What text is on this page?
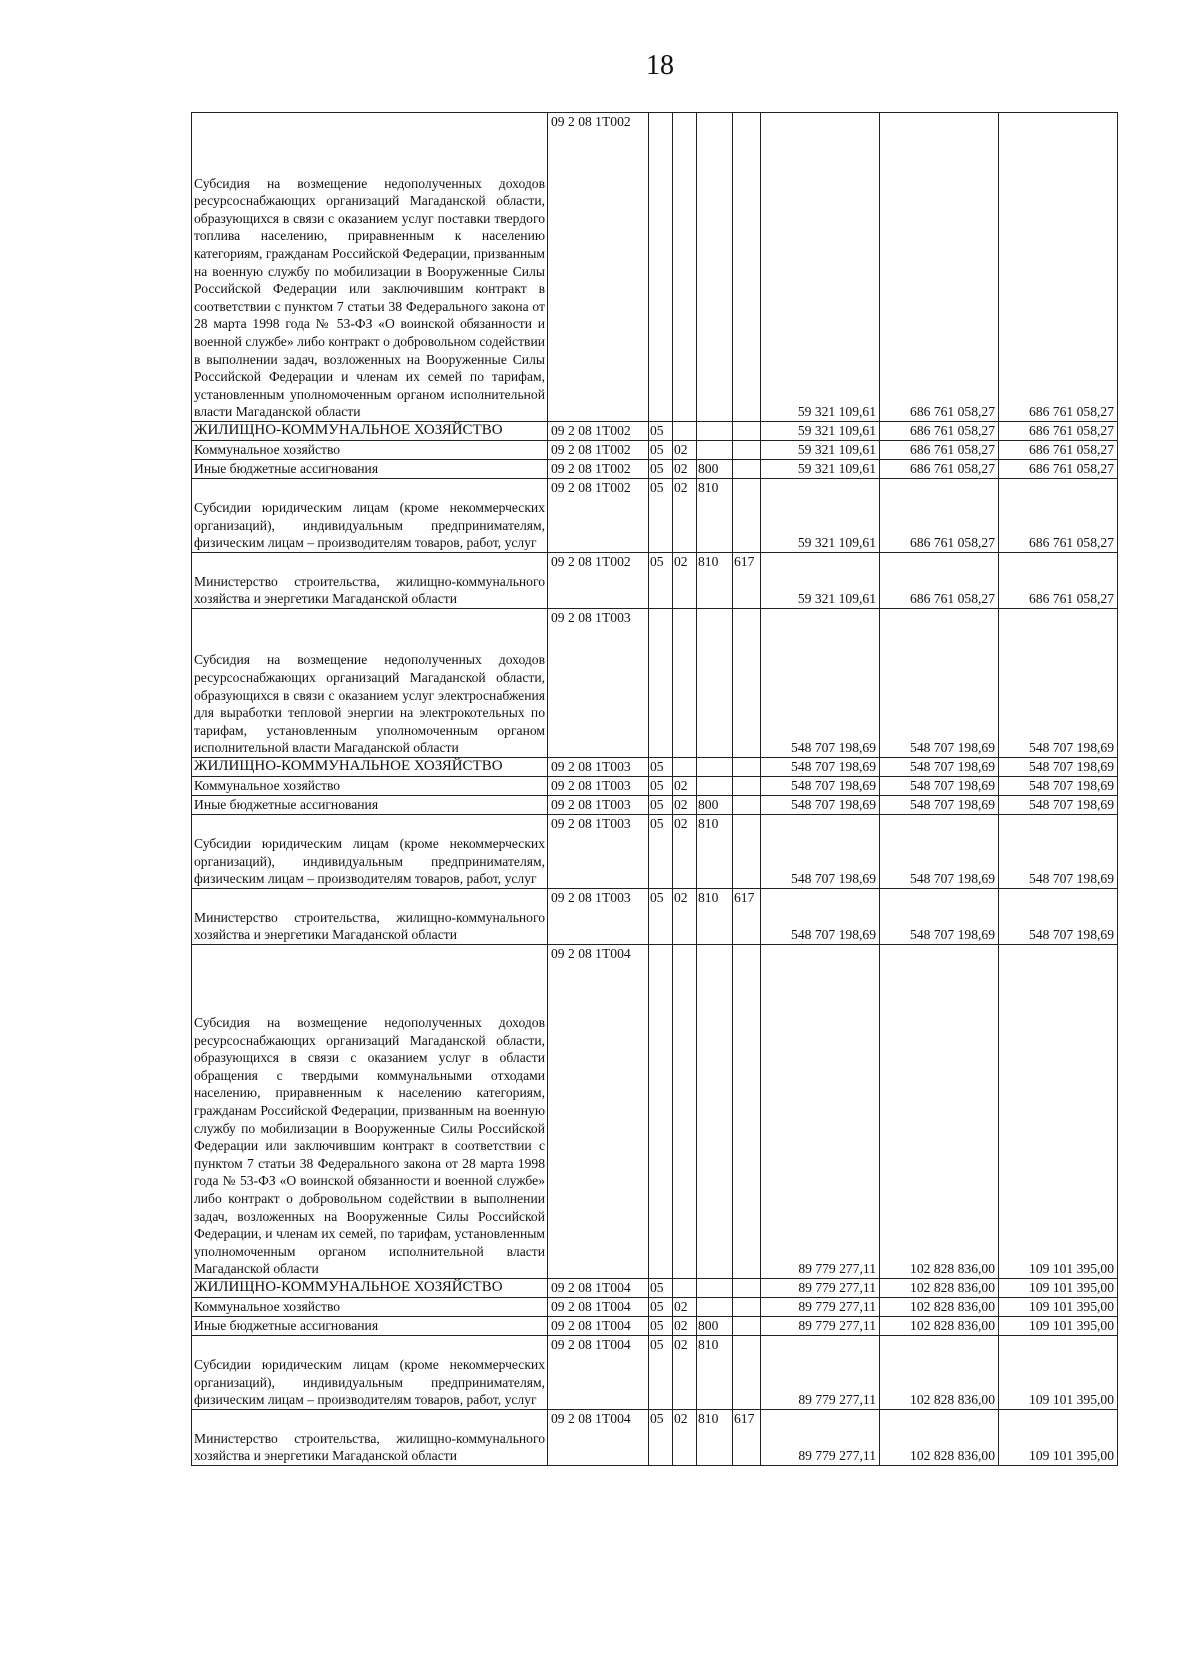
18
Субсидия на возмещение недополученных доходов ресурсоснабжающих организаций Магаданской области, образующихся в связи с оказанием услуг поставки твердого топлива населению, приравненным к населению категориям, гражданам Российской Федерации, призванным на военную службу по мобилизации в Вооруженные Силы Российской Федерации или заключившим контракт в соответствии с пунктом 7 статьи 38 Федерального закона от 28 марта 1998 года № 53-ФЗ «О воинской обязанности и военной службе» либо контракт о добровольном содействии в выполнении задач, возложенных на Вооруженные Силы Российской Федерации и членам их семей по тарифам, установленным уполномоченным органом исполнительной власти Магаданской области	09 2 08 1Т002					59 321 109,61	686 761 058,27	686 761 058,27
ЖИЛИЩНО-КОММУНАЛЬНОЕ ХОЗЯЙСТВО	09 2 08 1Т002	05				59 321 109,61	686 761 058,27	686 761 058,27
Коммунальное хозяйство	09 2 08 1Т002	05	02			59 321 109,61	686 761 058,27	686 761 058,27
Иные бюджетные ассигнования	09 2 08 1Т002	05	02	800		59 321 109,61	686 761 058,27	686 761 058,27
Субсидии юридическим лицам (кроме некоммерческих организаций), индивидуальным предпринимателям, физическим лицам – производителям товаров, работ, услуг	09 2 08 1Т002	05	02	810		59 321 109,61	686 761 058,27	686 761 058,27
Министерство строительства, жилищно-коммунального хозяйства и энергетики Магаданской области	09 2 08 1Т002	05	02	810	617	59 321 109,61	686 761 058,27	686 761 058,27
Субсидия на возмещение недополученных доходов ресурсоснабжающих организаций Магаданской области, образующихся в связи с оказанием услуг электроснабжения для выработки тепловой энергии на электрокотельных по тарифам, установленным уполномоченным органом исполнительной власти Магаданской области	09 2 08 1Т003					548 707 198,69	548 707 198,69	548 707 198,69
ЖИЛИЩНО-КОММУНАЛЬНОЕ ХОЗЯЙСТВО	09 2 08 1Т003	05				548 707 198,69	548 707 198,69	548 707 198,69
Коммунальное хозяйство	09 2 08 1Т003	05	02			548 707 198,69	548 707 198,69	548 707 198,69
Иные бюджетные ассигнования	09 2 08 1Т003	05	02	800		548 707 198,69	548 707 198,69	548 707 198,69
Субсидии юридическим лицам (кроме некоммерческих организаций), индивидуальным предпринимателям, физическим лицам – производителям товаров, работ, услуг	09 2 08 1Т003	05	02	810		548 707 198,69	548 707 198,69	548 707 198,69
Министерство строительства, жилищно-коммунального хозяйства и энергетики Магаданской области	09 2 08 1Т003	05	02	810	617	548 707 198,69	548 707 198,69	548 707 198,69
Субсидия на возмещение недополученных доходов ресурсоснабжающих организаций Магаданской области, образующихся в связи с оказанием услуг в области обращения с твердыми коммунальными отходами населению, приравненным к населению категориям, гражданам Российской Федерации, призванным на военную службу по мобилизации в Вооруженные Силы Российской Федерации или заключившим контракт в соответствии с пунктом 7 статьи 38 Федерального закона от 28 марта 1998 года № 53-ФЗ «О воинской обязанности и военной службе» либо контракт о добровольном содействии в выполнении задач, возложенных на Вооруженные Силы Российской Федерации, и членам их семей, по тарифам, установленным уполномоченным органом исполнительной власти Магаданской области	09 2 08 1Т004					89 779 277,11	102 828 836,00	109 101 395,00
ЖИЛИЩНО-КОММУНАЛЬНОЕ ХОЗЯЙСТВО	09 2 08 1Т004	05				89 779 277,11	102 828 836,00	109 101 395,00
Коммунальное хозяйство	09 2 08 1Т004	05	02			89 779 277,11	102 828 836,00	109 101 395,00
Иные бюджетные ассигнования	09 2 08 1Т004	05	02	800		89 779 277,11	102 828 836,00	109 101 395,00
Субсидии юридическим лицам (кроме некоммерческих организаций), индивидуальным предпринимателям, физическим лицам – производителям товаров, работ, услуг	09 2 08 1Т004	05	02	810		89 779 277,11	102 828 836,00	109 101 395,00
Министерство строительства, жилищно-коммунального хозяйства и энергетики Магаданской области	09 2 08 1Т004	05	02	810	617	89 779 277,11	102 828 836,00	109 101 395,00
